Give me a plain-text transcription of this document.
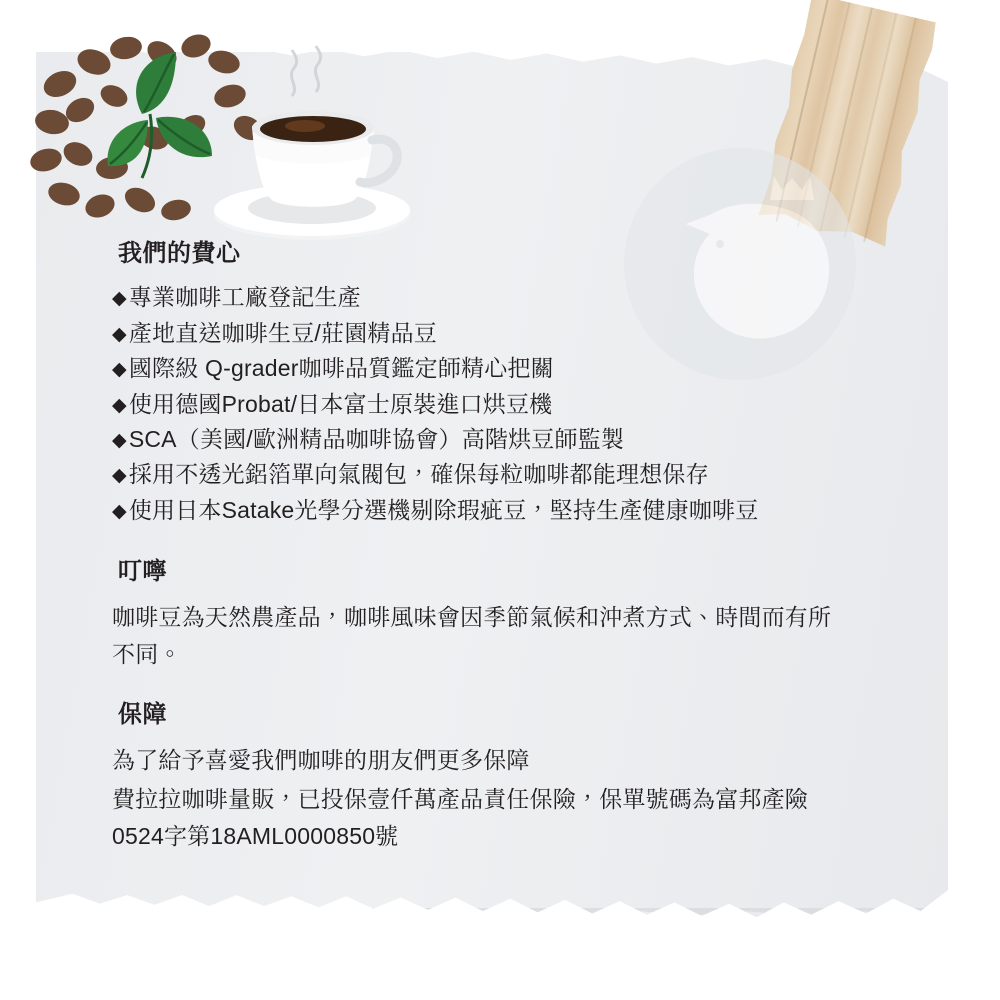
我們的費心
◆專業咖啡工廠登記生產
◆產地直送咖啡生豆/莊園精品豆
◆國際級 Q-grader咖啡品質鑑定師精心把關
◆使用德國Probat/日本富士原裝進口烘豆機
◆SCA（美國/歐洲精品咖啡協會）高階烘豆師監製
◆採用不透光鋁箔單向氣閥包，確保每粒咖啡都能理想保存
◆使用日本Satake光學分選機剔除瑕疵豆，堅持生產健康咖啡豆
叮嚀

咖啡豆為天然農產品，咖啡風味會因季節氣候和沖煮方式、時間而有所不同。

保障

為了給予喜愛我們咖啡的朋友們更多保障

費拉拉咖啡量販，已投保壹仟萬產品責任保險，保單號碼為富邦產險0524字第18AML0000850號
